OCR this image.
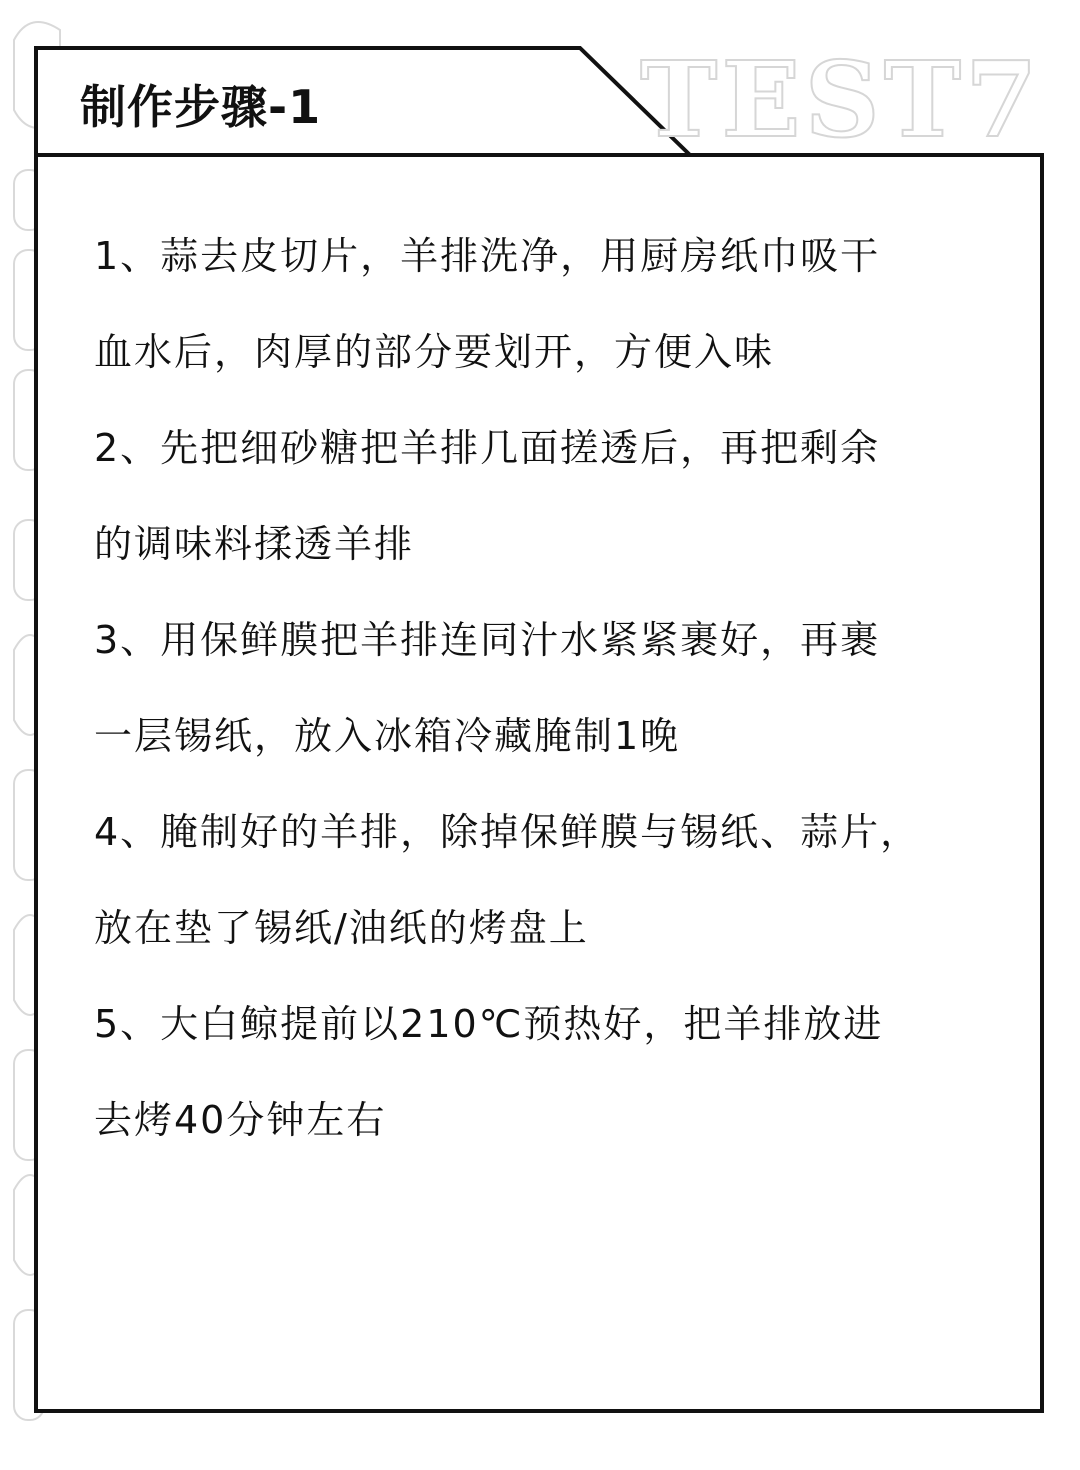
TEST7
制作步骤-1
1、蒜去皮切片，羊排洗净，用厨房纸巾吸干
血水后，肉厚的部分要划开，方便入味
2、先把细砂糖把羊排几面搓透后，再把剩余
的调味料揉透羊排
3、用保鲜膜把羊排连同汁水紧紧裹好，再裹
一层锡纸，放入冰箱冷藏腌制1晚
4、腌制好的羊排，除掉保鲜膜与锡纸、蒜片，
放在垫了锡纸/油纸的烤盘上
5、大白鲸提前以210℃预热好，把羊排放进
去烤40分钟左右
